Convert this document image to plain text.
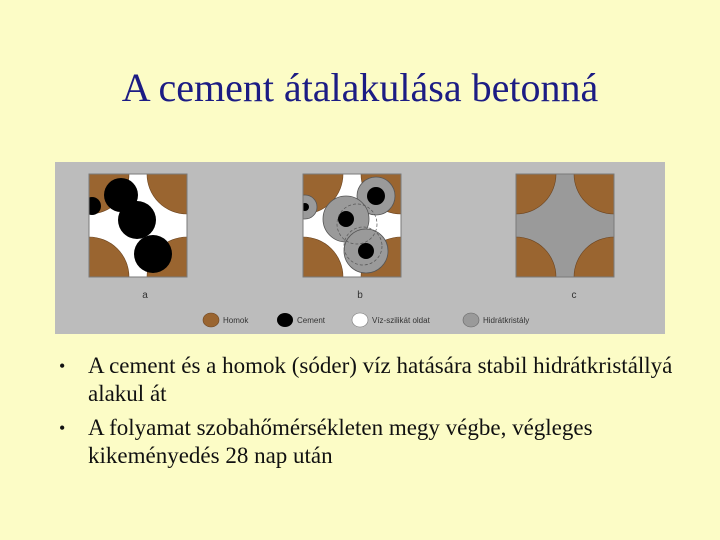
A cement átalakulása betonná
a	b	c
Homok	Cement	Víz-szilikát oldat	Hidrátkristály
• A cement és a homok (sóder) víz hatására stabil hidrátkristállyá alakul át
• A folyamat szobahőmérsékleten megy végbe, végleges kikeményedés 28 nap után
